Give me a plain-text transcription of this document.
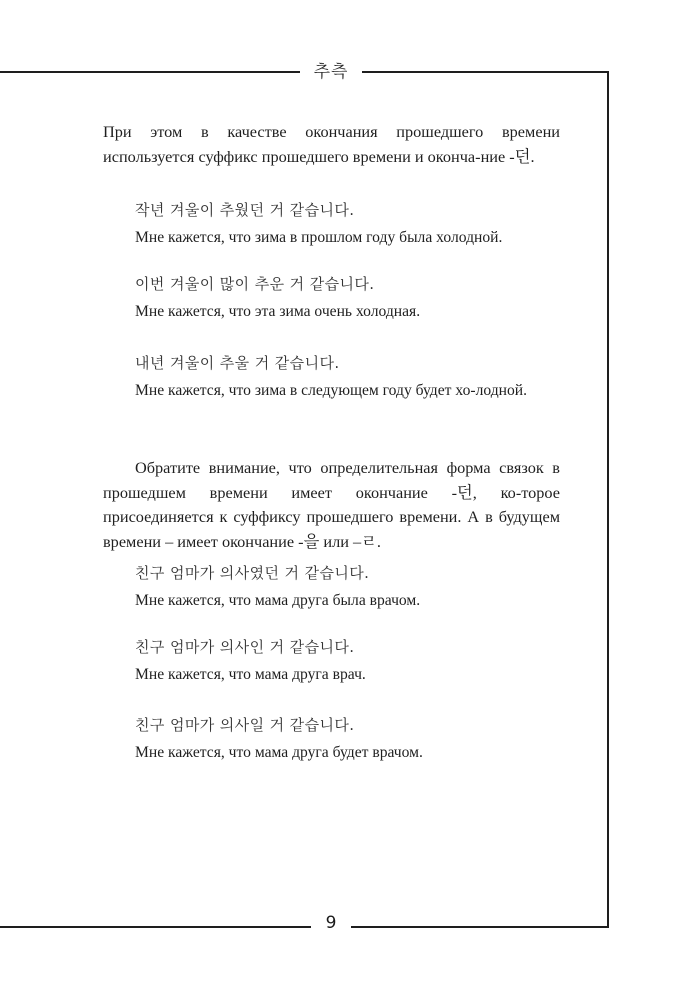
추측
9

При этом в качестве окончания прошедшего времени используется суффикс прошедшего времени и оконча-ние -던.

작년 겨울이 추웠던 거 같습니다.

Мне кажется, что зима в прошлом году была холодной.

이번 겨울이 많이 추운 거 같습니다.

Мне кажется, что эта зима очень холодная.

내년 겨울이 추울 거 같습니다.

Мне кажется, что зима в следующем году будет хо-лодной.

Обратите внимание, что определительная форма связок в прошедшем времени имеет окончание -던, ко-торое присоединяется к суффиксу прошедшего времени. А в будущем времени – имеет окончание -을 или –ㄹ.

친구 엄마가 의사였던 거 같습니다.

Мне кажется, что мама друга была врачом.

친구 엄마가 의사인 거 같습니다.

Мне кажется, что мама друга врач.

친구 엄마가 의사일 거 같습니다.

Мне кажется, что мама друга будет врачом.
